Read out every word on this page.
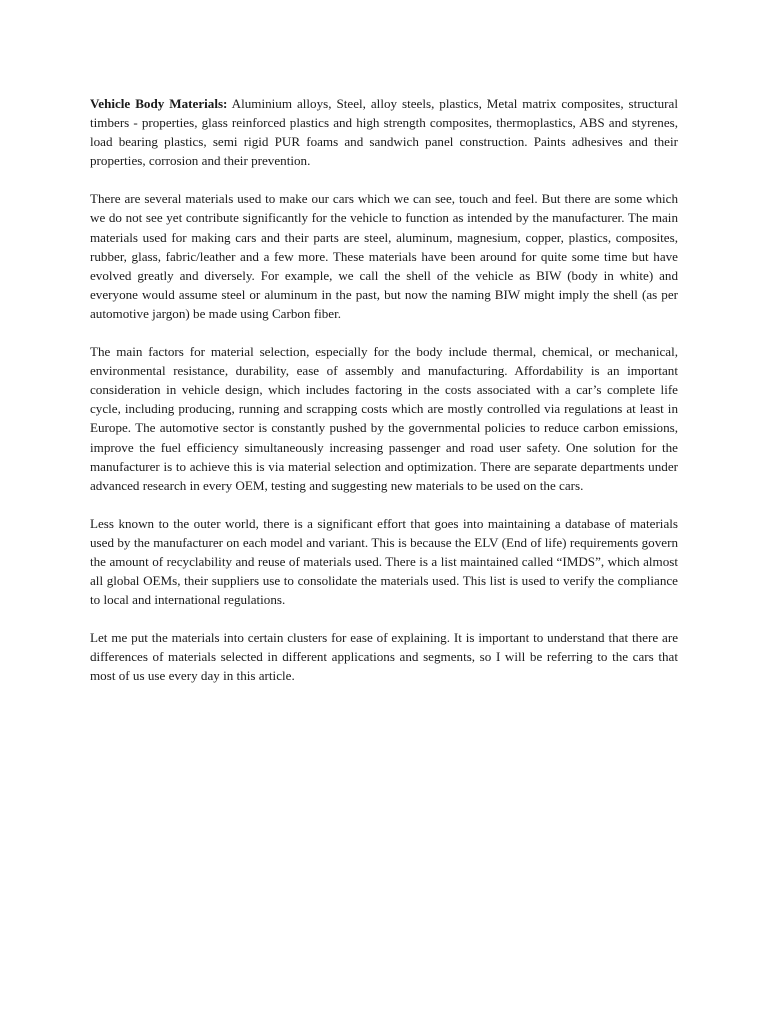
Vehicle Body Materials: Aluminium alloys, Steel, alloy steels, plastics, Metal matrix composites, structural timbers - properties, glass reinforced plastics and high strength composites, thermoplastics, ABS and styrenes, load bearing plastics, semi rigid PUR foams and sandwich panel construction. Paints adhesives and their properties, corrosion and their prevention.

There are several materials used to make our cars which we can see, touch and feel. But there are some which we do not see yet contribute significantly for the vehicle to function as intended by the manufacturer. The main materials used for making cars and their parts are steel, aluminum, magnesium, copper, plastics, composites, rubber, glass, fabric/leather and a few more. These materials have been around for quite some time but have evolved greatly and diversely. For example, we call the shell of the vehicle as BIW (body in white) and everyone would assume steel or aluminum in the past, but now the naming BIW might imply the shell (as per automotive jargon) be made using Carbon fiber.

The main factors for material selection, especially for the body include thermal, chemical, or mechanical, environmental resistance, durability, ease of assembly and manufacturing. Affordability is an important consideration in vehicle design, which includes factoring in the costs associated with a car’s complete life cycle, including producing, running and scrapping costs which are mostly controlled via regulations at least in Europe. The automotive sector is constantly pushed by the governmental policies to reduce carbon emissions, improve the fuel efficiency simultaneously increasing passenger and road user safety. One solution for the manufacturer is to achieve this is via material selection and optimization. There are separate departments under advanced research in every OEM, testing and suggesting new materials to be used on the cars.

Less known to the outer world, there is a significant effort that goes into maintaining a database of materials used by the manufacturer on each model and variant. This is because the ELV (End of life) requirements govern the amount of recyclability and reuse of materials used. There is a list maintained called “IMDS”, which almost all global OEMs, their suppliers use to consolidate the materials used. This list is used to verify the compliance to local and international regulations.

Let me put the materials into certain clusters for ease of explaining. It is important to understand that there are differences of materials selected in different applications and segments, so I will be referring to the cars that most of us use every day in this article.
